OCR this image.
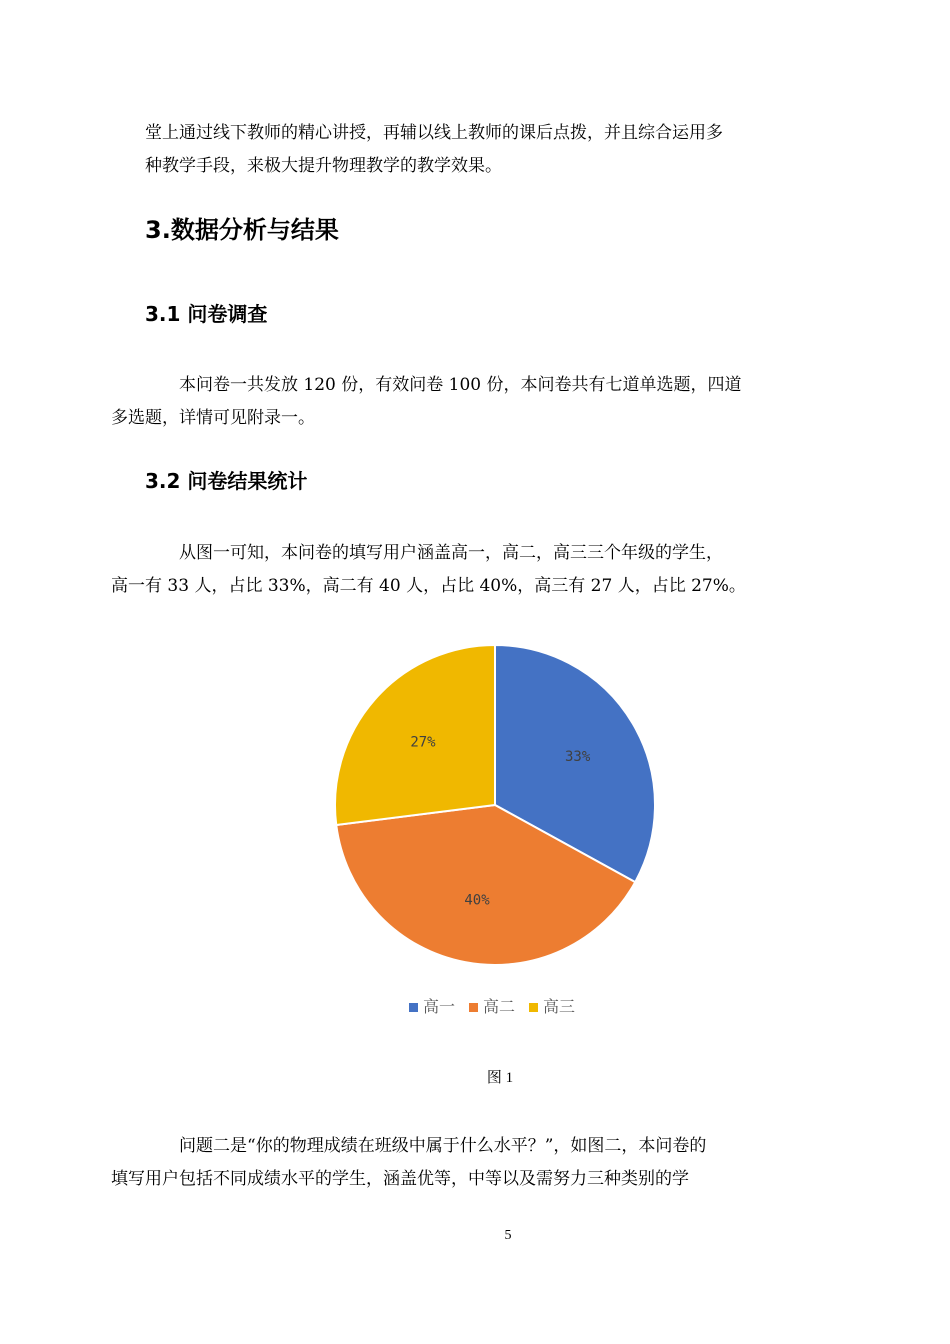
堂上通过线下教师的精心讲授，再辅以线上教师的课后点拨，并且综合运用多
种教学手段，来极大提升物理教学的教学效果。

3.数据分析与结果
3.1 问卷调查

本问卷一共发放 120 份，有效问卷 100 份，本问卷共有七道单选题，四道
多选题，详情可见附录一。

3.2 问卷结果统计

从图一可知，本问卷的填写用户涵盖高一，高二，高三三个年级的学生，
高一有 33 人，占比 33%，高二有 40 人，占比 40%，高三有 27 人，占比 27%。

33%
40%
27%
高一 高二 高三
图 1

问题二是“你的物理成绩在班级中属于什么水平？”，如图二，本问卷的
填写用户包括不同成绩水平的学生，涵盖优等，中等以及需努力三种类别的学

5
